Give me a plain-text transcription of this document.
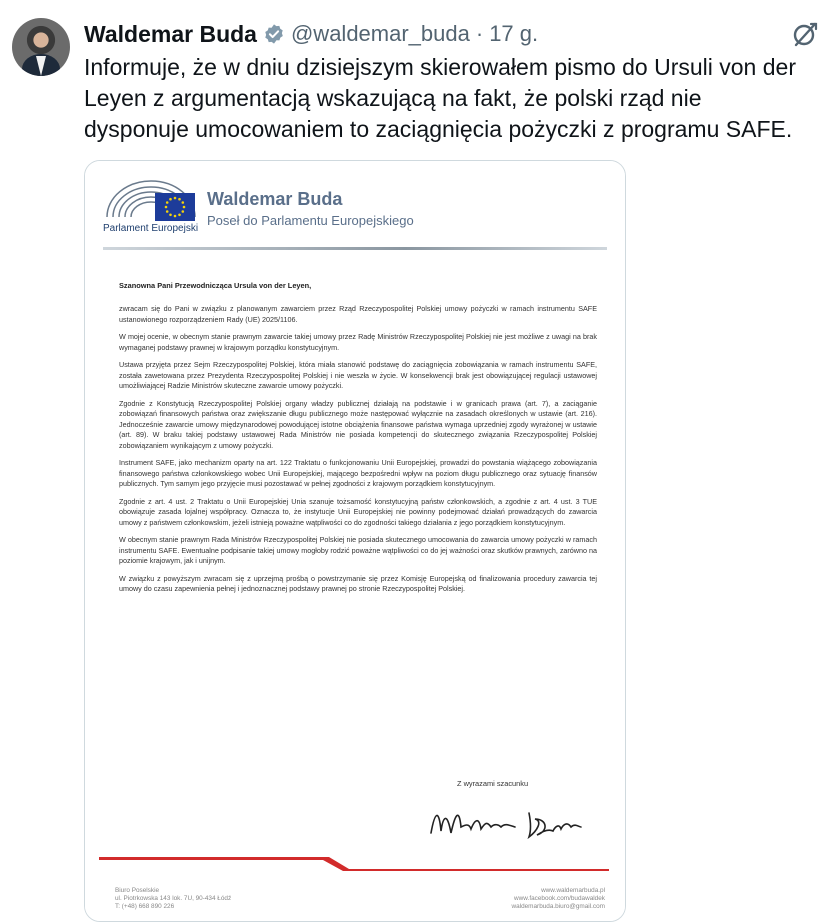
Waldemar Buda @waldemar_buda · 17 g.
Informuje, że w dniu dzisiejszym skierowałem pismo do Ursuli von der Leyen z argumentacją wskazującą na fakt, że polski rząd nie dysponuje umocowaniem to zaciągnięcia pożyczki z programu SAFE.
Parlament Europejski
Waldemar Buda
Poseł do Parlamentu Europejskiego
Szanowna Pani Przewodnicząca Ursula von der Leyen,

zwracam się do Pani w związku z planowanym zawarciem przez Rząd Rzeczypospolitej Polskiej umowy pożyczki w ramach instrumentu SAFE ustanowionego rozporządzeniem Rady (UE) 2025/1106.

W mojej ocenie, w obecnym stanie prawnym zawarcie takiej umowy przez Radę Ministrów Rzeczypospolitej Polskiej nie jest możliwe z uwagi na brak wymaganej podstawy prawnej w krajowym porządku konstytucyjnym.

Ustawa przyjęta przez Sejm Rzeczypospolitej Polskiej, która miała stanowić podstawę do zaciągnięcia zobowiązania w ramach instrumentu SAFE, została zawetowana przez Prezydenta Rzeczypospolitej Polskiej i nie weszła w życie. W konsekwencji brak jest obowiązującej regulacji ustawowej umożliwiającej Radzie Ministrów skuteczne zawarcie umowy pożyczki.

Zgodnie z Konstytucją Rzeczypospolitej Polskiej organy władzy publicznej działają na podstawie i w granicach prawa (art. 7), a zaciąganie zobowiązań finansowych państwa oraz zwiększanie długu publicznego może następować wyłącznie na zasadach określonych w ustawie (art. 216). Jednocześnie zawarcie umowy międzynarodowej powodującej istotne obciążenia finansowe państwa wymaga uprzedniej zgody wyrażonej w ustawie (art. 89). W braku takiej podstawy ustawowej Rada Ministrów nie posiada kompetencji do skutecznego związania Rzeczypospolitej Polskiej zobowiązaniem wynikającym z umowy pożyczki.

Instrument SAFE, jako mechanizm oparty na art. 122 Traktatu o funkcjonowaniu Unii Europejskiej, prowadzi do powstania wiążącego zobowiązania finansowego państwa członkowskiego wobec Unii Europejskiej, mającego bezpośredni wpływ na poziom długu publicznego oraz sytuację finansów publicznych. Tym samym jego przyjęcie musi pozostawać w pełnej zgodności z krajowym porządkiem konstytucyjnym.

Zgodnie z art. 4 ust. 2 Traktatu o Unii Europejskiej Unia szanuje tożsamość konstytucyjną państw członkowskich, a zgodnie z art. 4 ust. 3 TUE obowiązuje zasada lojalnej współpracy. Oznacza to, że instytucje Unii Europejskiej nie powinny podejmować działań prowadzących do zawarcia umowy z państwem członkowskim, jeżeli istnieją poważne wątpliwości co do zgodności takiego działania z jego porządkiem konstytucyjnym.

W obecnym stanie prawnym Rada Ministrów Rzeczypospolitej Polskiej nie posiada skutecznego umocowania do zawarcia umowy pożyczki w ramach instrumentu SAFE. Ewentualne podpisanie takiej umowy mogłoby rodzić poważne wątpliwości co do jej ważności oraz skutków prawnych, zarówno na poziomie krajowym, jak i unijnym.

W związku z powyższym zwracam się z uprzejmą prośbą o powstrzymanie się przez Komisję Europejską od finalizowania procedury zawarcia tej umowy do czasu zapewnienia pełnej i jednoznacznej podstawy prawnej po stronie Rzeczypospolitej Polskiej.

Z wyrazami szacunku
Biuro Poselskie
ul. Piotrkowska 143 lok. 7U, 90-434 Łódź
T: (+48) 668 890 226
www.waldemarbuda.pl
www.facebook.com/budawaldek
waldemarbuda.biuro@gmail.com
